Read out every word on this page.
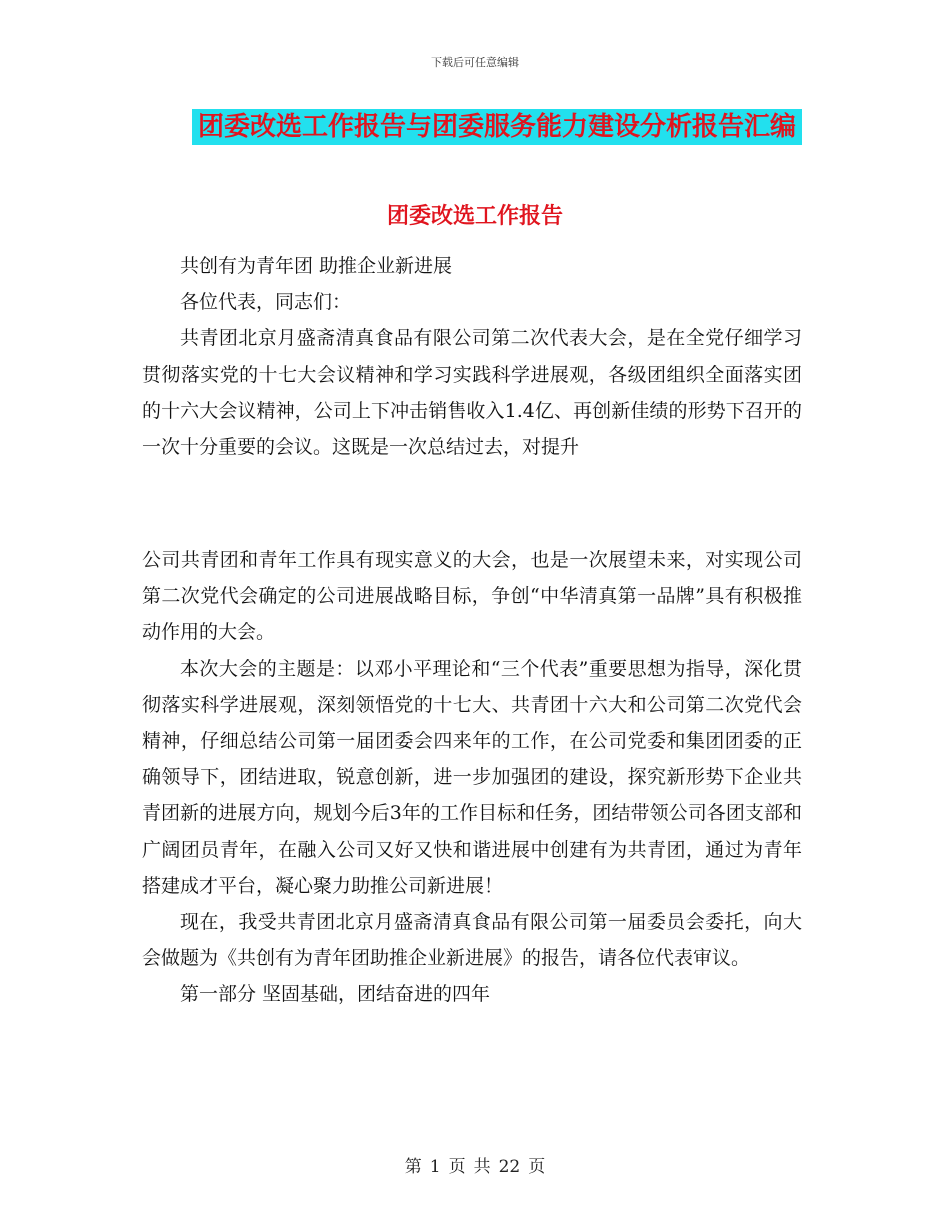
下载后可任意编辑
团委改选工作报告与团委服务能力建设分析报告汇编
团委改选工作报告

共创有为青年团 助推企业新进展

各位代表，同志们：

共青团北京月盛斋清真食品有限公司第二次代表大会，是在全党仔细学习贯彻落实党的十七大会议精神和学习实践科学进展观，各级团组织全面落实团的十六大会议精神，公司上下冲击销售收入1.4亿、再创新佳绩的形势下召开的一次十分重要的会议。这既是一次总结过去，对提升

公司共青团和青年工作具有现实意义的大会，也是一次展望未来，对实现公司第二次党代会确定的公司进展战略目标，争创“中华清真第一品牌”具有积极推动作用的大会。

本次大会的主题是：以邓小平理论和“三个代表”重要思想为指导，深化贯彻落实科学进展观，深刻领悟党的十七大、共青团十六大和公司第二次党代会精神，仔细总结公司第一届团委会四来年的工作，在公司党委和集团团委的正确领导下，团结进取，锐意创新，进一步加强团的建设，探究新形势下企业共青团新的进展方向，规划今后3年的工作目标和任务，团结带领公司各团支部和广阔团员青年，在融入公司又好又快和谐进展中创建有为共青团，通过为青年搭建成才平台，凝心聚力助推公司新进展！

现在，我受共青团北京月盛斋清真食品有限公司第一届委员会委托，向大会做题为《共创有为青年团助推企业新进展》的报告，请各位代表审议。

第一部分 坚固基础，团结奋进的四年

第 1 页 共 22 页
